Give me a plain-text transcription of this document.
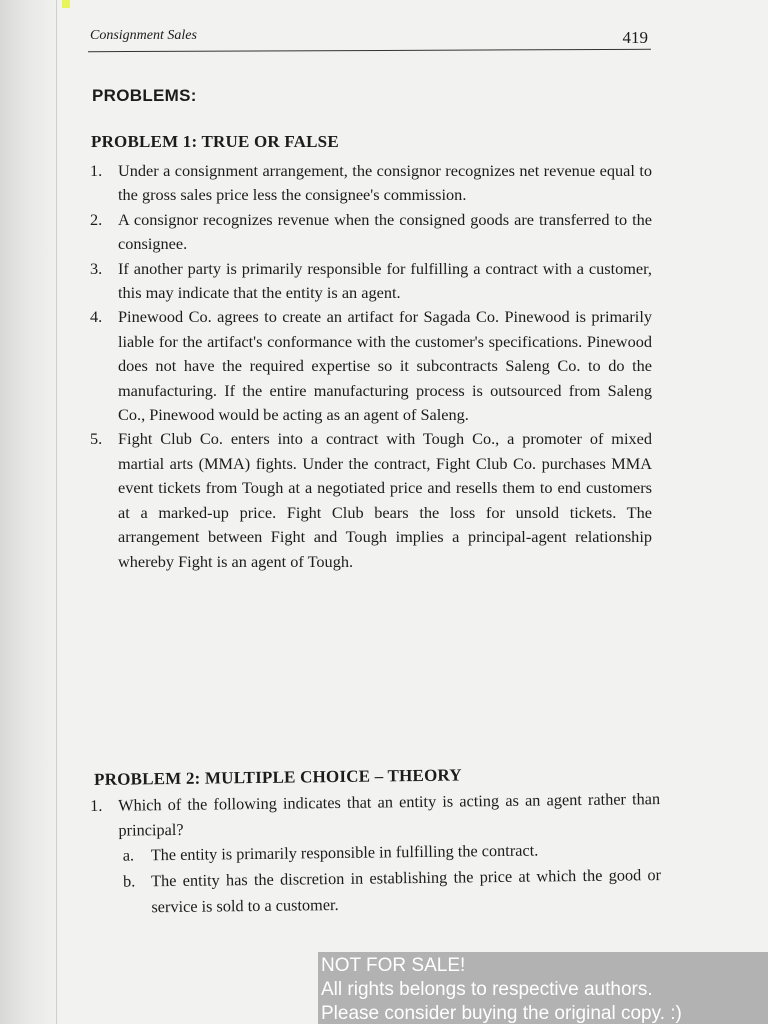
Consignment Sales	419
PROBLEMS:
PROBLEM 1: TRUE OR FALSE
1. Under a consignment arrangement, the consignor recognizes net revenue equal to the gross sales price less the consignee's commission.
2. A consignor recognizes revenue when the consigned goods are transferred to the consignee.
3. If another party is primarily responsible for fulfilling a contract with a customer, this may indicate that the entity is an agent.
4. Pinewood Co. agrees to create an artifact for Sagada Co. Pinewood is primarily liable for the artifact's conformance with the customer's specifications. Pinewood does not have the required expertise so it subcontracts Saleng Co. to do the manufacturing. If the entire manufacturing process is outsourced from Saleng Co., Pinewood would be acting as an agent of Saleng.
5. Fight Club Co. enters into a contract with Tough Co., a promoter of mixed martial arts (MMA) fights. Under the contract, Fight Club Co. purchases MMA event tickets from Tough at a negotiated price and resells them to end customers at a marked-up price. Fight Club bears the loss for unsold tickets. The arrangement between Fight and Tough implies a principal-agent relationship whereby Fight is an agent of Tough.
PROBLEM 2: MULTIPLE CHOICE – THEORY
1. Which of the following indicates that an entity is acting as an agent rather than principal?
a. The entity is primarily responsible in fulfilling the contract.
b. The entity has the discretion in establishing the price at which the good or service is sold to a customer.
NOT FOR SALE!
All rights belongs to respective authors.
Please consider buying the original copy. :)
